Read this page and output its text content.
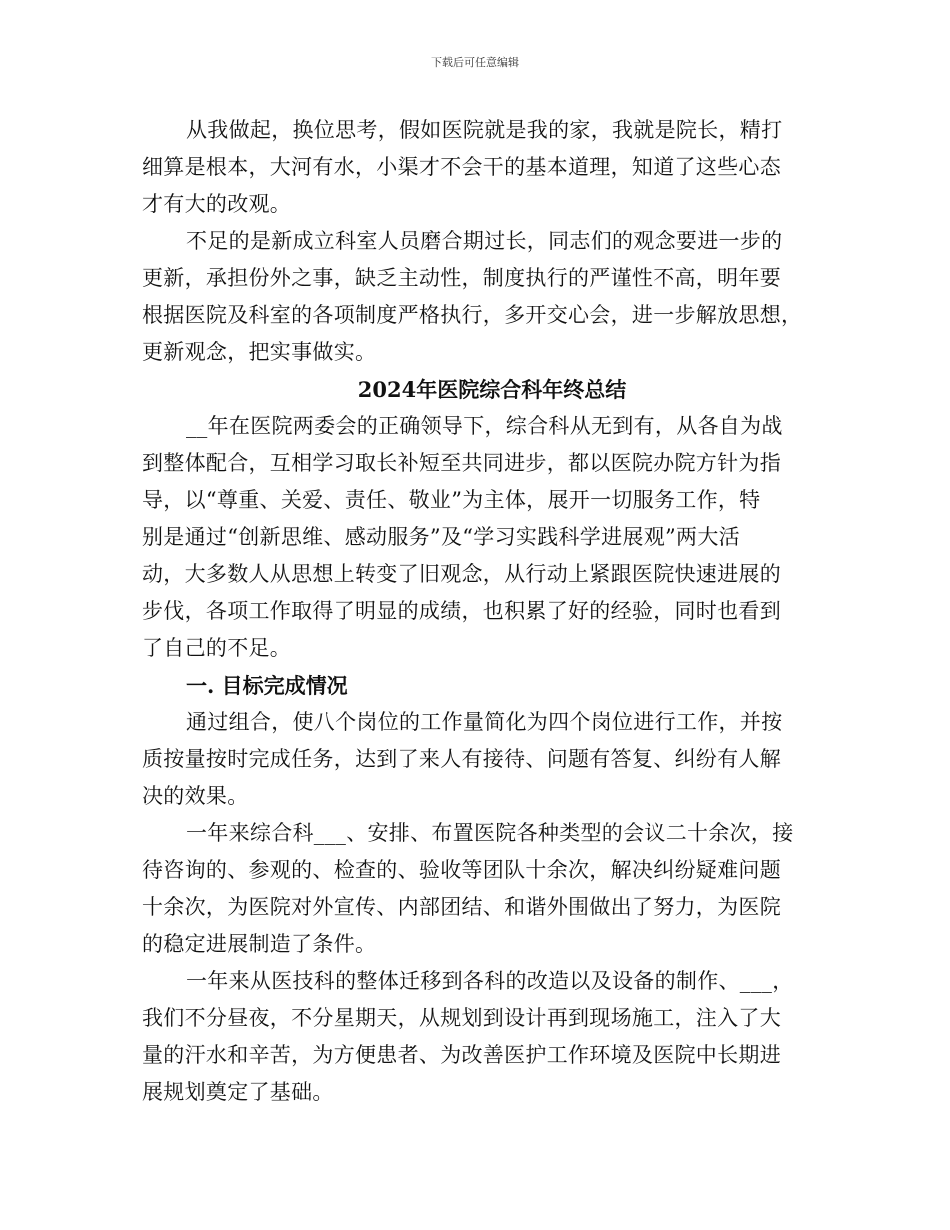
下载后可任意编辑

从我做起，换位思考，假如医院就是我的家，我就是院长，精打

细算是根本，大河有水，小渠才不会干的基本道理，知道了这些心态

才有大的改观。

不足的是新成立科室人员磨合期过长，同志们的观念要进一步的

更新，承担份外之事，缺乏主动性，制度执行的严谨性不高，明年要

根据医院及科室的各项制度严格执行，多开交心会，进一步解放思想，

更新观念，把实事做实。

2024年医院综合科年终总结

__年在医院两委会的正确领导下，综合科从无到有，从各自为战

到整体配合，互相学习取长补短至共同进步，都以医院办院方针为指

导，以“尊重、关爱、责任、敬业”为主体，展开一切服务工作，特

别是通过“创新思维、感动服务”及“学习实践科学进展观”两大活

动，大多数人从思想上转变了旧观念，从行动上紧跟医院快速进展的

步伐，各项工作取得了明显的成绩，也积累了好的经验，同时也看到

了自己的不足。

一. 目标完成情况

通过组合，使八个岗位的工作量简化为四个岗位进行工作，并按

质按量按时完成任务，达到了来人有接待、问题有答复、纠纷有人解

决的效果。

一年来综合科___、安排、布置医院各种类型的会议二十余次，接

待咨询的、参观的、检查的、验收等团队十余次，解决纠纷疑难问题

十余次，为医院对外宣传、内部团结、和谐外围做出了努力，为医院

的稳定进展制造了条件。

一年来从医技科的整体迁移到各科的改造以及设备的制作、___，

我们不分昼夜，不分星期天，从规划到设计再到现场施工，注入了大

量的汗水和辛苦，为方便患者、为改善医护工作环境及医院中长期进

展规划奠定了基础。
